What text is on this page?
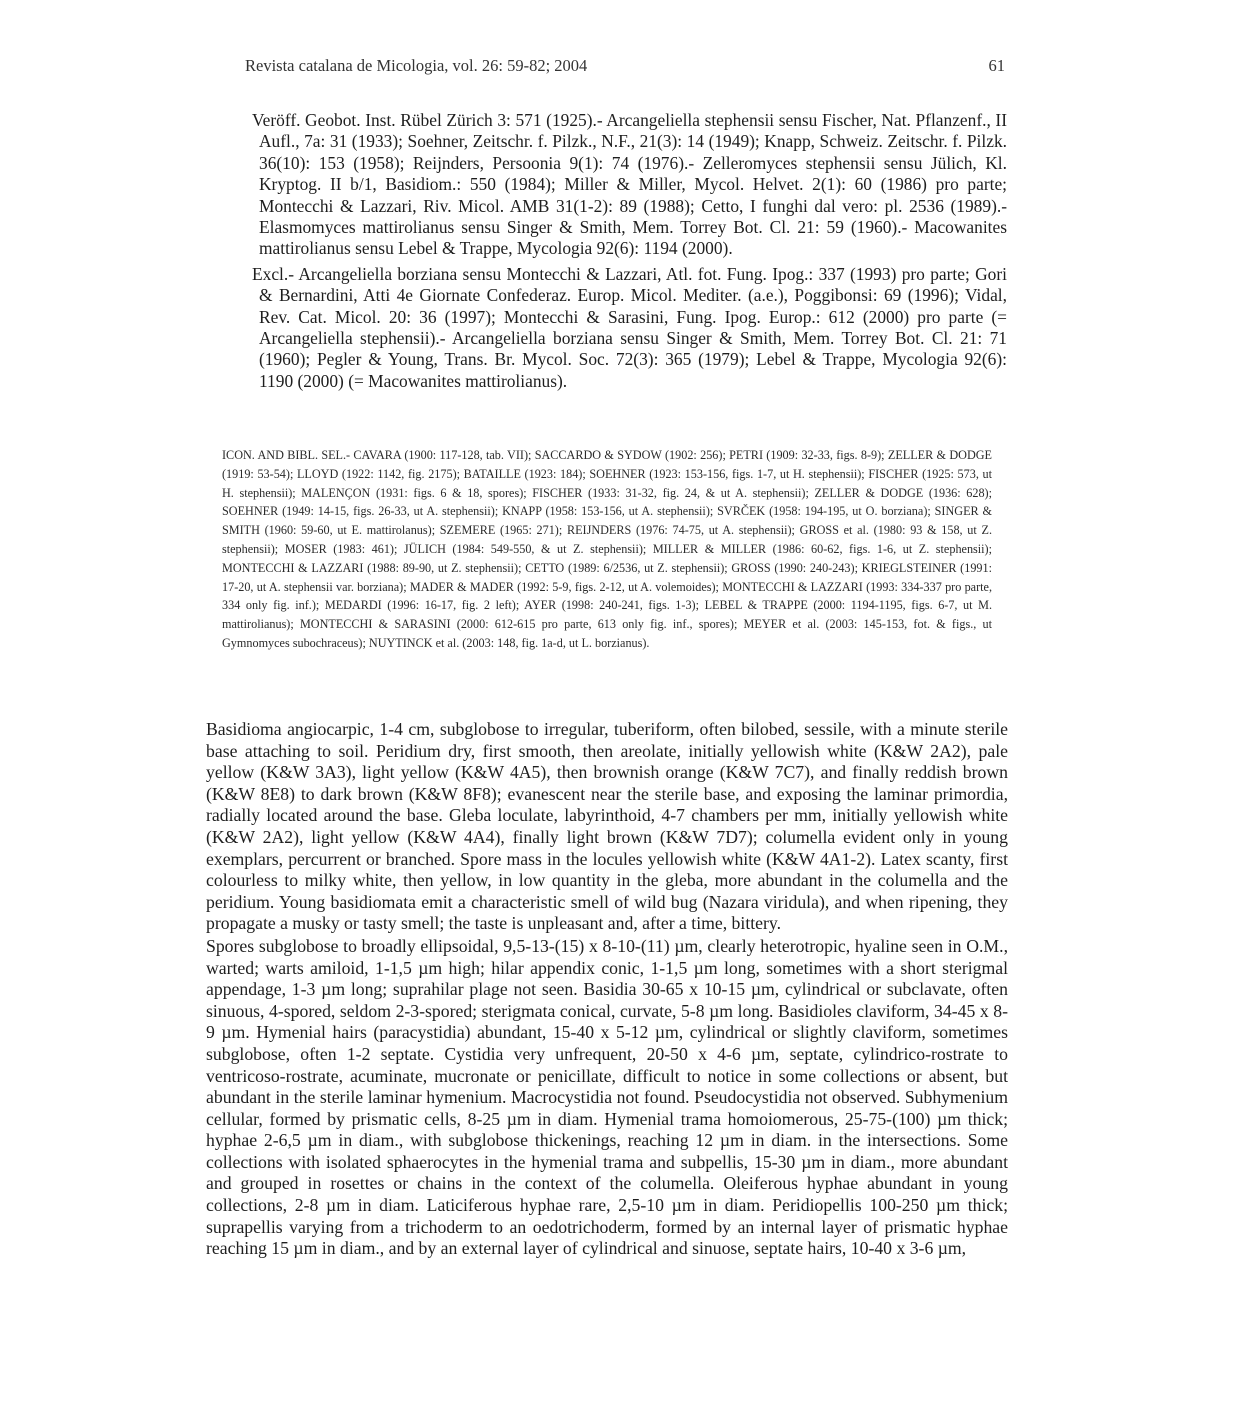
Revista catalana de Micologia, vol. 26: 59-82; 2004	61

Veröff. Geobot. Inst. Rübel Zürich 3: 571 (1925).- Arcangeliella stephensii sensu Fischer, Nat. Pflanzenf., II Aufl., 7a: 31 (1933); Soehner, Zeitschr. f. Pilzk., N.F., 21(3): 14 (1949); Knapp, Schweiz. Zeitschr. f. Pilzk. 36(10): 153 (1958); Reijnders, Persoonia 9(1): 74 (1976).- Zelleromyces stephensii sensu Jülich, Kl. Kryptog. II b/1, Basidiom.: 550 (1984); Miller & Miller, Mycol. Helvet. 2(1): 60 (1986) pro parte; Montecchi & Lazzari, Riv. Micol. AMB 31(1-2): 89 (1988); Cetto, I funghi dal vero: pl. 2536 (1989).- Elasmomyces mattirolianus sensu Singer & Smith, Mem. Torrey Bot. Cl. 21: 59 (1960).- Macowanites mattirolianus sensu Lebel & Trappe, Mycologia 92(6): 1194 (2000).

Excl.- Arcangeliella borziana sensu Montecchi & Lazzari, Atl. fot. Fung. Ipog.: 337 (1993) pro parte; Gori & Bernardini, Atti 4e Giornate Confederaz. Europ. Micol. Mediter. (a.e.), Poggibonsi: 69 (1996); Vidal, Rev. Cat. Micol. 20: 36 (1997); Montecchi & Sarasini, Fung. Ipog. Europ.: 612 (2000) pro parte (= Arcangeliella stephensii).- Arcangeliella borziana sensu Singer & Smith, Mem. Torrey Bot. Cl. 21: 71 (1960); Pegler & Young, Trans. Br. Mycol. Soc. 72(3): 365 (1979); Lebel & Trappe, Mycologia 92(6): 1190 (2000) (= Macowanites mattirolianus).

ICON. AND BIBL. SEL.- CAVARA (1900: 117-128, tab. VII); SACCARDO & SYDOW (1902: 256); PETRI (1909: 32-33, figs. 8-9); ZELLER & DODGE (1919: 53-54); LLOYD (1922: 1142, fig. 2175); BATAILLE (1923: 184); SOEHNER (1923: 153-156, figs. 1-7, ut H. stephensii); FISCHER (1925: 573, ut H. stephensii); MALENÇON (1931: figs. 6 & 18, spores); FISCHER (1933: 31-32, fig. 24, & ut A. stephensii); ZELLER & DODGE (1936: 628); SOEHNER (1949: 14-15, figs. 26-33, ut A. stephensii); KNAPP (1958: 153-156, ut A. stephensii); SVRČEK (1958: 194-195, ut O. borziana); SINGER & SMITH (1960: 59-60, ut E. mattirolanus); SZEMERE (1965: 271); REIJNDERS (1976: 74-75, ut A. stephensii); GROSS et al. (1980: 93 & 158, ut Z. stephensii); MOSER (1983: 461); JÜLICH (1984: 549-550, & ut Z. stephensii); MILLER & MILLER (1986: 60-62, figs. 1-6, ut Z. stephensii); MONTECCHI & LAZZARI (1988: 89-90, ut Z. stephensii); CETTO (1989: 6/2536, ut Z. stephensii); GROSS (1990: 240-243); KRIEGLSTEINER (1991: 17-20, ut A. stephensii var. borziana); MADER & MADER (1992: 5-9, figs. 2-12, ut A. volemoides); MONTECCHI & LAZZARI (1993: 334-337 pro parte, 334 only fig. inf.); MEDARDI (1996: 16-17, fig. 2 left); AYER (1998: 240-241, figs. 1-3); LEBEL & TRAPPE (2000: 1194-1195, figs. 6-7, ut M. mattirolianus); MONTECCHI & SARASINI (2000: 612-615 pro parte, 613 only fig. inf., spores); MEYER et al. (2003: 145-153, fot. & figs., ut Gymnomyces subochraceus); NUYTINCK et al. (2003: 148, fig. 1a-d, ut L. borzianus).

Basidioma angiocarpic, 1-4 cm, subglobose to irregular, tuberiform, often bilobed, sessile, with a minute sterile base attaching to soil. Peridium dry, first smooth, then areolate, initially yellowish white (K&W 2A2), pale yellow (K&W 3A3), light yellow (K&W 4A5), then brownish orange (K&W 7C7), and finally reddish brown (K&W 8E8) to dark brown (K&W 8F8); evanescent near the sterile base, and exposing the laminar primordia, radially located around the base. Gleba loculate, labyrinthoid, 4-7 chambers per mm, initially yellowish white (K&W 2A2), light yellow (K&W 4A4), finally light brown (K&W 7D7); columella evident only in young exemplars, percurrent or branched. Spore mass in the locules yellowish white (K&W 4A1-2). Latex scanty, first colourless to milky white, then yellow, in low quantity in the gleba, more abundant in the columella and the peridium. Young basidiomata emit a characteristic smell of wild bug (Nazara viridula), and when ripening, they propagate a musky or tasty smell; the taste is unpleasant and, after a time, bittery.

Spores subglobose to broadly ellipsoidal, 9,5-13-(15) x 8-10-(11) µm, clearly heterotropic, hyaline seen in O.M., warted; warts amiloid, 1-1,5 µm high; hilar appendix conic, 1-1,5 µm long, sometimes with a short sterigmal appendage, 1-3 µm long; suprahilar plage not seen. Basidia 30-65 x 10-15 µm, cylindrical or subclavate, often sinuous, 4-spored, seldom 2-3-spored; sterigmata conical, curvate, 5-8 µm long. Basidioles claviform, 34-45 x 8-9 µm. Hymenial hairs (paracystidia) abundant, 15-40 x 5-12 µm, cylindrical or slightly claviform, sometimes subglobose, often 1-2 septate. Cystidia very unfrequent, 20-50 x 4-6 µm, septate, cylindrico-rostrate to ventricoso-rostrate, acuminate, mucronate or penicillate, difficult to notice in some collections or absent, but abundant in the sterile laminar hymenium. Macrocystidia not found. Pseudocystidia not observed. Subhymenium cellular, formed by prismatic cells, 8-25 µm in diam. Hymenial trama homoiomerous, 25-75-(100) µm thick; hyphae 2-6,5 µm in diam., with subglobose thickenings, reaching 12 µm in diam. in the intersections. Some collections with isolated sphaerocytes in the hymenial trama and subpellis, 15-30 µm in diam., more abundant and grouped in rosettes or chains in the context of the columella. Oleiferous hyphae abundant in young collections, 2-8 µm in diam. Laticiferous hyphae rare, 2,5-10 µm in diam. Peridiopellis 100-250 µm thick; suprapellis varying from a trichoderm to an oedotrichoderm, formed by an internal layer of prismatic hyphae reaching 15 µm in diam., and by an external layer of cylindrical and sinuose, septate hairs, 10-40 x 3-6 µm,
